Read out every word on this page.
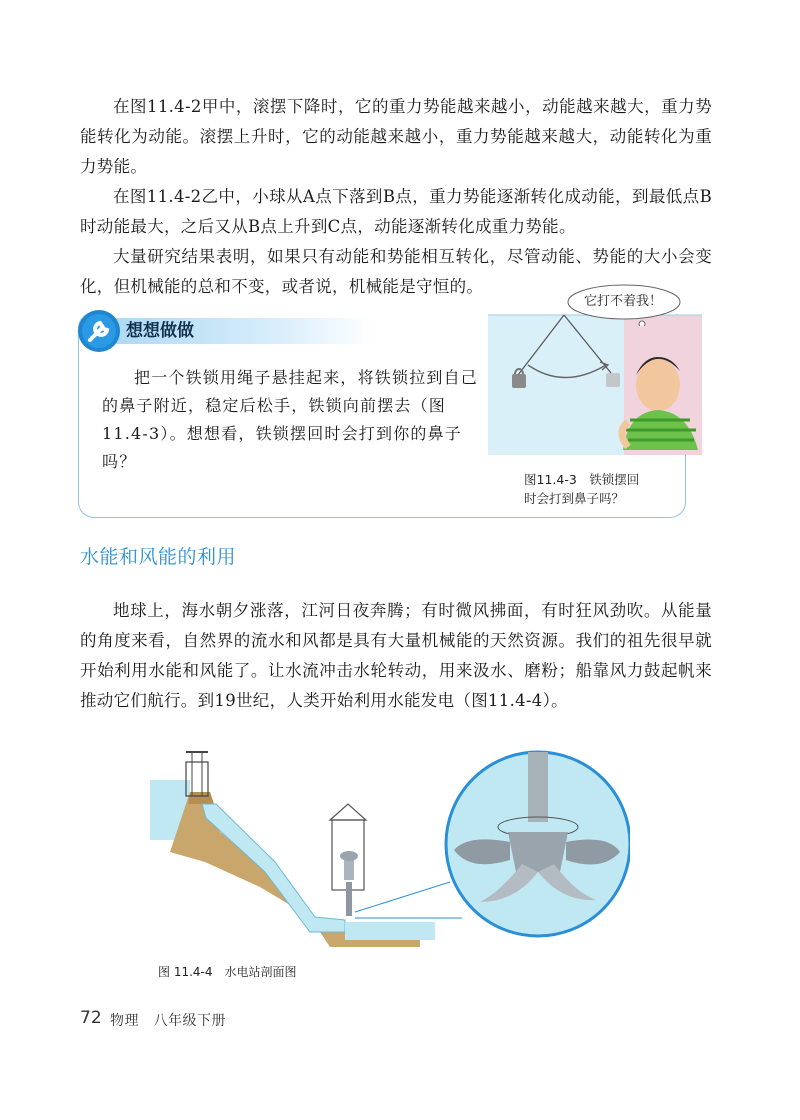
在图11.4-2甲中，滚摆下降时，它的重力势能越来越小，动能越来越大，重力势能转化为动能。滚摆上升时，它的动能越来越小，重力势能越来越大，动能转化为重力势能。

在图11.4-2乙中，小球从A点下落到B点，重力势能逐渐转化成动能，到最低点B时动能最大，之后又从B点上升到C点，动能逐渐转化成重力势能。

大量研究结果表明，如果只有动能和势能相互转化，尽管动能、势能的大小会变化，但机械能的总和不变，或者说，机械能是守恒的。

想想做做

把一个铁锁用绳子悬挂起来，将铁锁拉到自己的鼻子附近，稳定后松手，铁锁向前摆去（图11.4-3）。想想看，铁锁摆回时会打到你的鼻子吗？

它打不着我！
图11.4-3　铁锁摆回
时会打到鼻子吗？
水能和风能的利用

地球上，海水朝夕涨落，江河日夜奔腾；有时微风拂面，有时狂风劲吹。从能量的角度来看，自然界的流水和风都是具有大量机械能的天然资源。我们的祖先很早就开始利用水能和风能了。让水流冲击水轮转动，用来汲水、磨粉；船靠风力鼓起帆来推动它们航行。到19世纪，人类开始利用水能发电（图11.4-4）。

图 11.4-4　水电站剖面图
72 物理　八年级下册
